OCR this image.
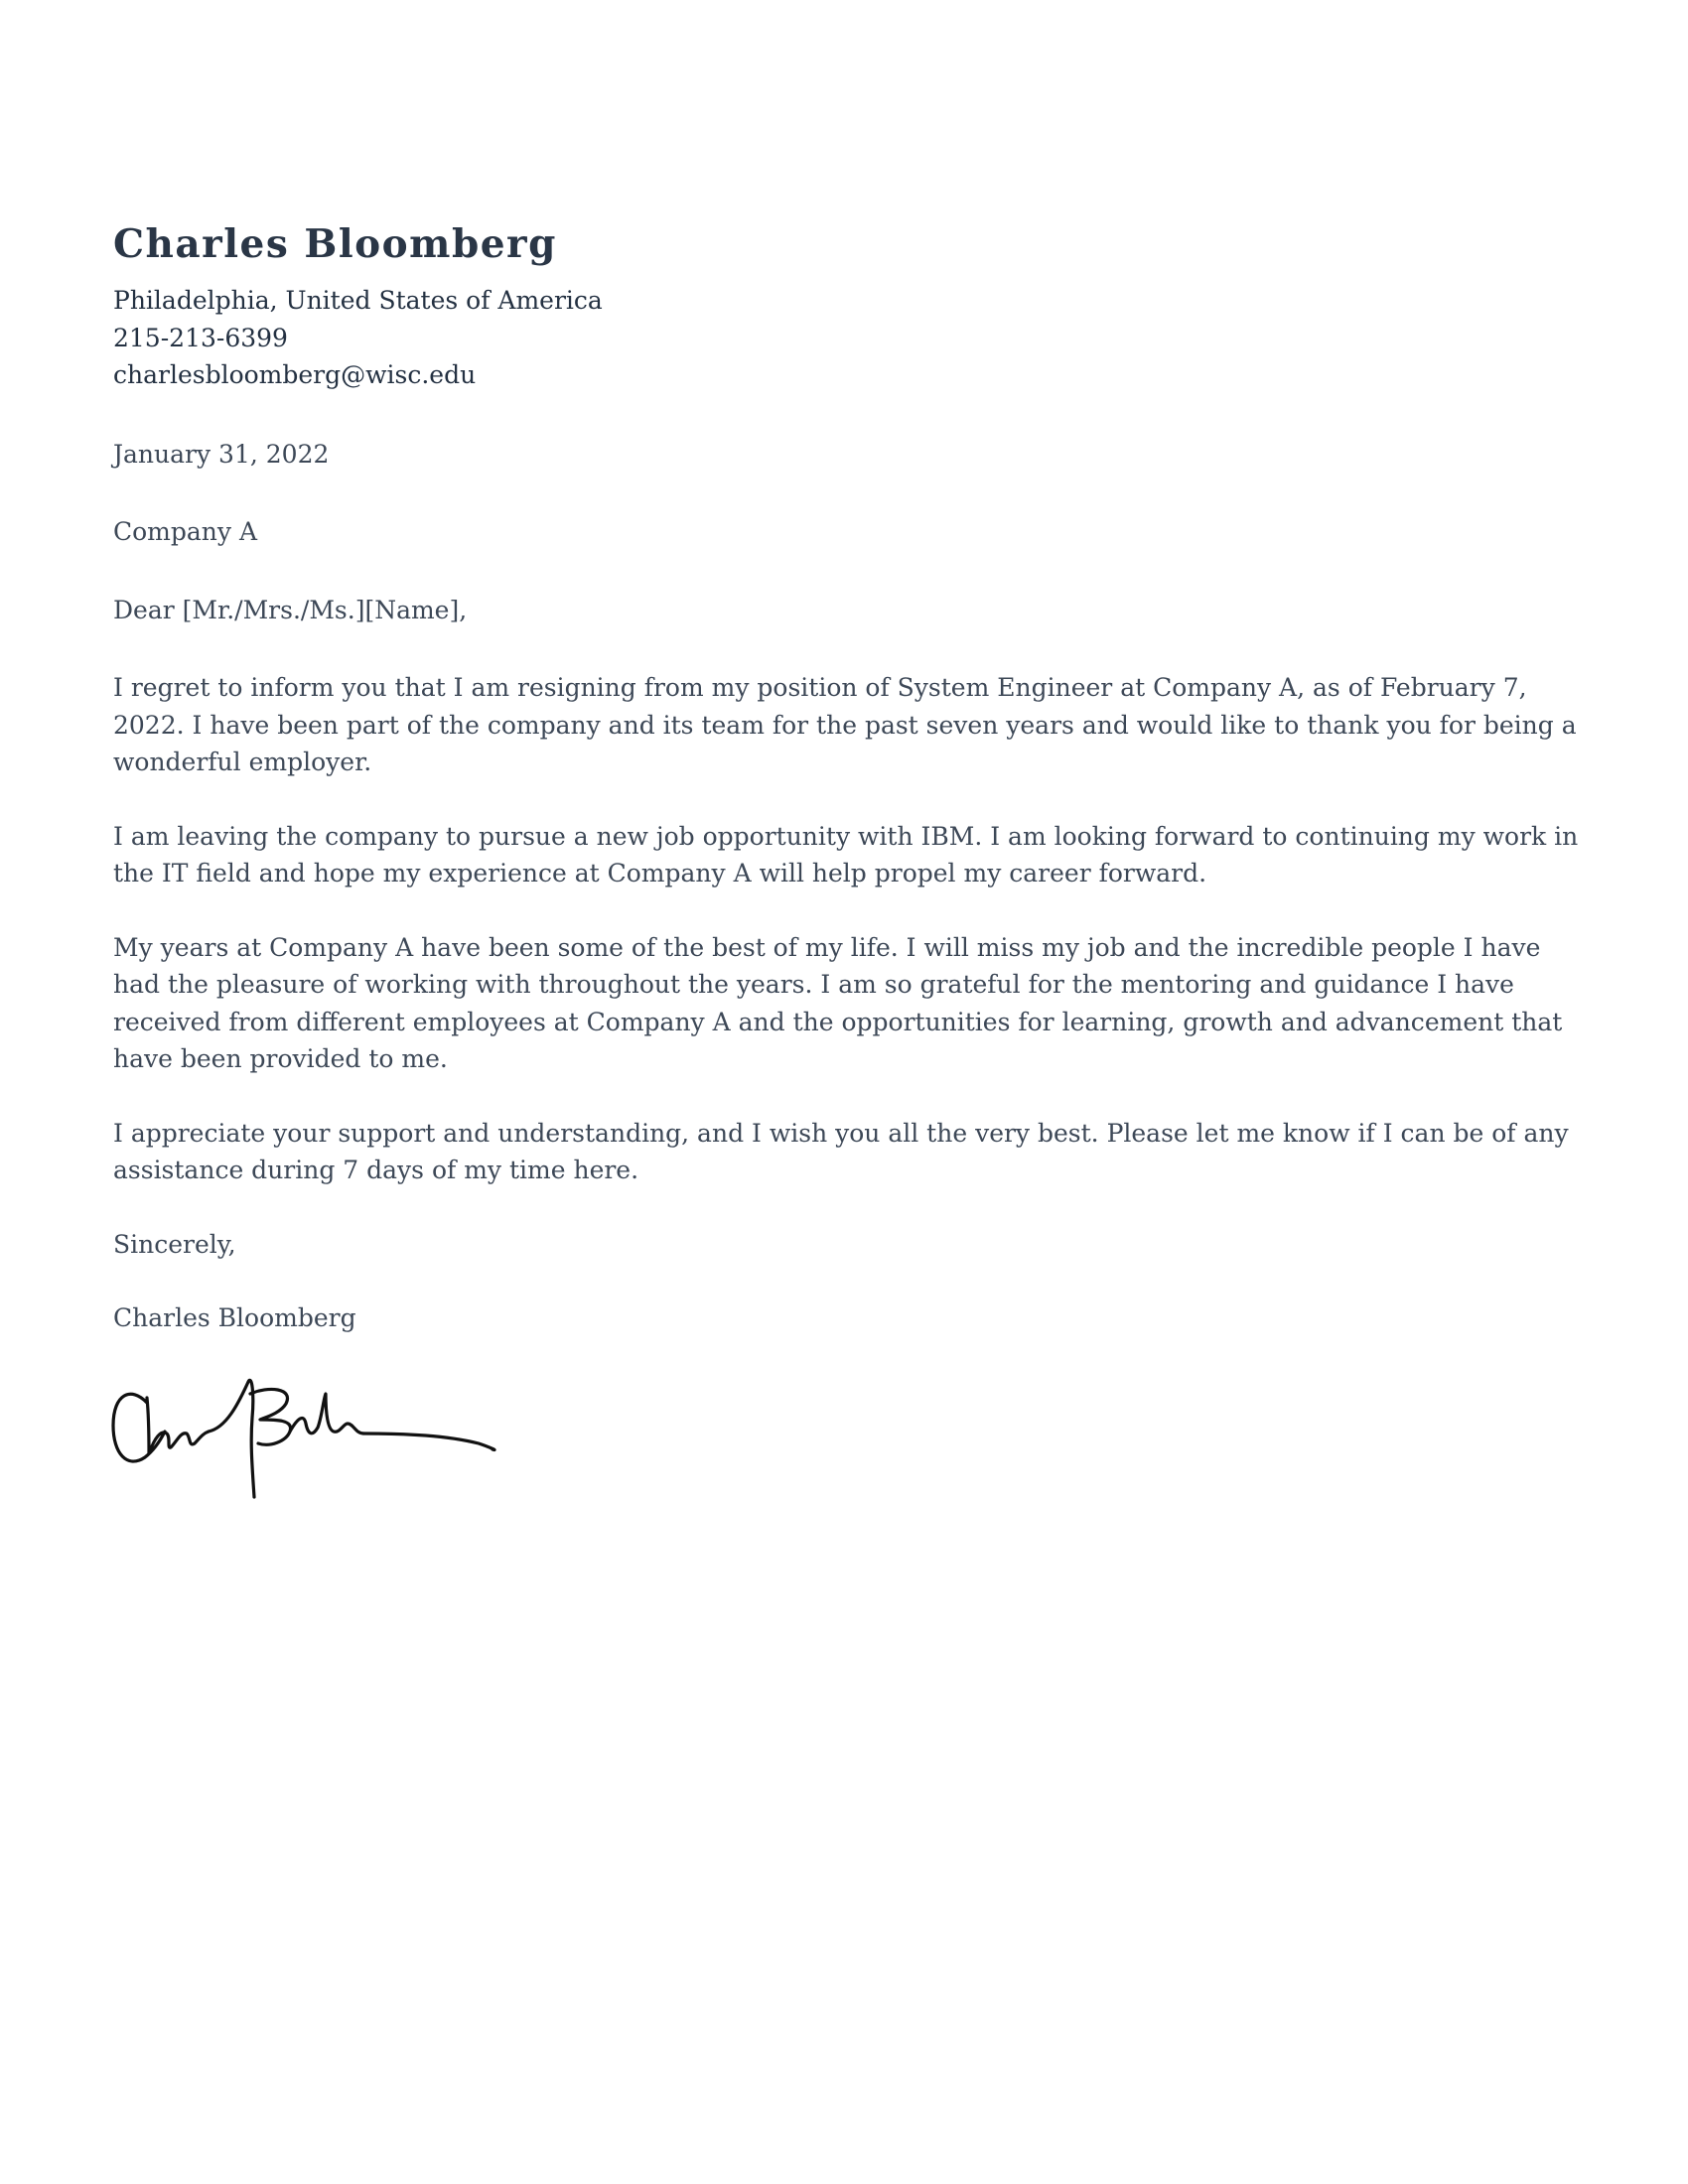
Charles Bloomberg
Philadelphia, United States of America
215-213-6399
charlesbloomberg@wisc.edu
January 31, 2022
Company A
Dear [Mr./Mrs./Ms.][Name],
I regret to inform you that I am resigning from my position of System Engineer at Company A, as of February 7, 2022. I have been part of the company and its team for the past seven years and would like to thank you for being a wonderful employer.
I am leaving the company to pursue a new job opportunity with IBM. I am looking forward to continuing my work in the IT field and hope my experience at Company A will help propel my career forward.
My years at Company A have been some of the best of my life. I will miss my job and the incredible people I have had the pleasure of working with throughout the years. I am so grateful for the mentoring and guidance I have received from different employees at Company A and the opportunities for learning, growth and advancement that have been provided to me.
I appreciate your support and understanding, and I wish you all the very best. Please let me know if I can be of any assistance during 7 days of my time here.
Sincerely,
Charles Bloomberg
